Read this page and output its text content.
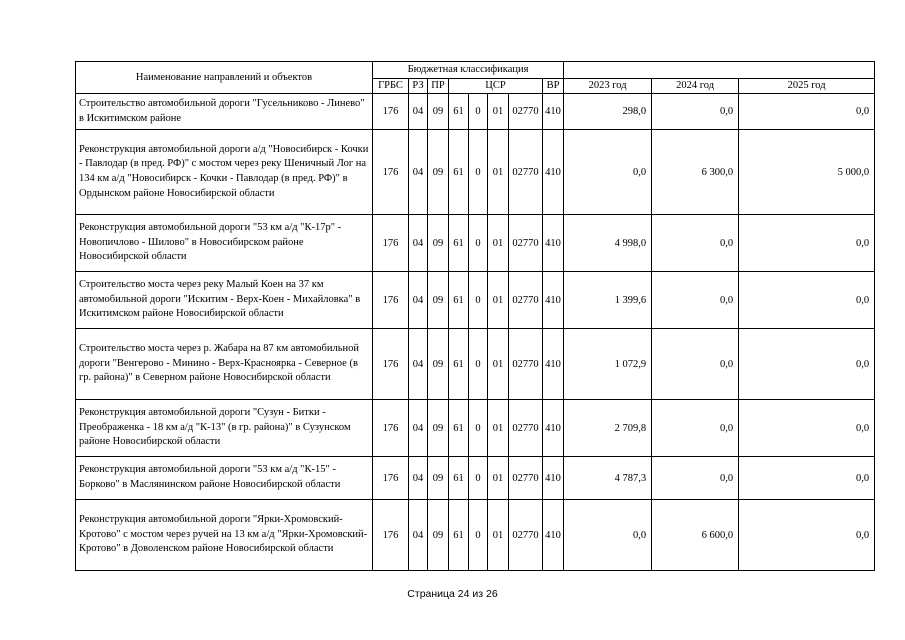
Наименование направлений и объектов	Бюджетная классификация										
	ГРБС	РЗ	ПР	ЦСР				ВР	2023 год	2024 год	2025 год
Строительство автомобильной дороги "Гусельниково - Линево" в Искитимском районе	176	04	09	61	0	01	02770	410	298,0	0,0	0,0
Реконструкция автомобильной дороги а/д "Новосибирск - Кочки - Павлодар (в пред. РФ)" с мостом через реку Шеничный Лог на 134 км а/д "Новосибирск - Кочки - Павлодар (в пред. РФ)" в Ордынском районе Новосибирской области	176	04	09	61	0	01	02770	410	0,0	6 300,0	5 000,0
Реконструкция автомобильной дороги "53 км а/д "К-17р" - Новопичлово - Шилово" в Новосибирском районе Новосибирской области	176	04	09	61	0	01	02770	410	4 998,0	0,0	0,0
Строительство моста через реку Малый Коен на 37 км автомобильной дороги "Искитим - Верх-Коен - Михайловка" в Искитимском районе Новосибирской области	176	04	09	61	0	01	02770	410	1 399,6	0,0	0,0
Строительство моста через р. Жабара на 87 км автомобильной дороги "Венгерово - Минино - Верх-Красноярка - Северное (в гр. района)" в Северном районе Новосибирской области	176	04	09	61	0	01	02770	410	1 072,9	0,0	0,0
Реконструкция автомобильной дороги "Сузун - Битки - Преображенка - 18 км а/д "К-13" (в гр. района)" в Сузунском районе Новосибирской области	176	04	09	61	0	01	02770	410	2 709,8	0,0	0,0
Реконструкция автомобильной дороги "53 км а/д "К-15" - Борково" в Маслянинском районе Новосибирской области	176	04	09	61	0	01	02770	410	4 787,3	0,0	0,0
Реконструкция автомобильной дороги "Ярки-Хромовский-Кротово" с мостом через ручей на 13 км а/д "Ярки-Хромовский-Кротово" в Доволенском районе Новосибирской области	176	04	09	61	0	01	02770	410	0,0	6 600,0	0,0
Страница 24 из 26
